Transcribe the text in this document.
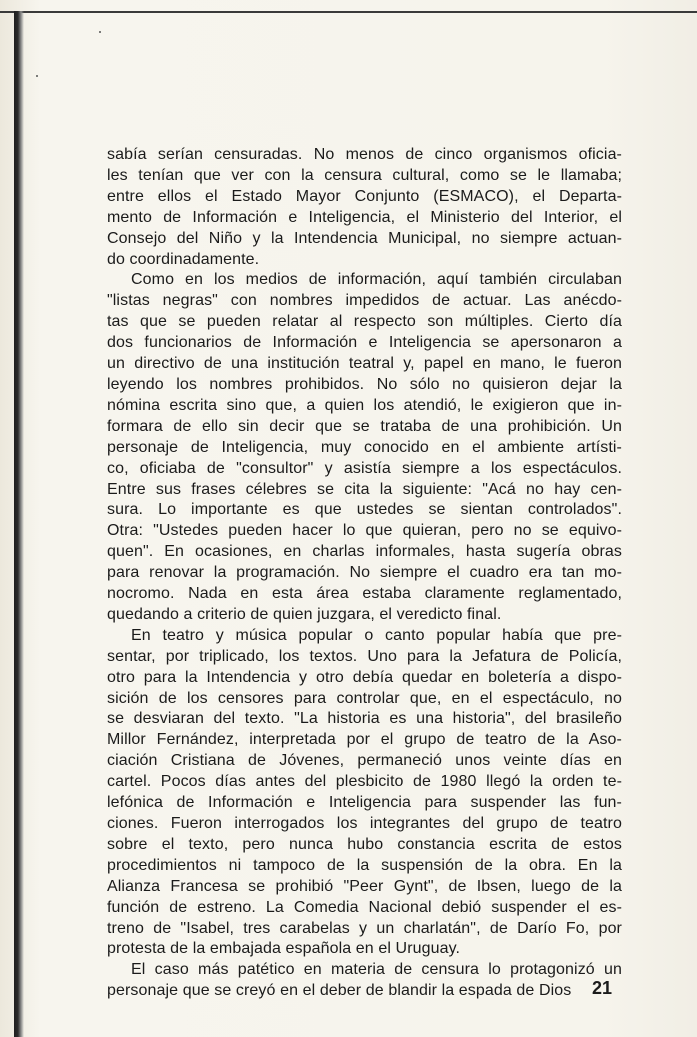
sabía serían censuradas. No menos de cinco organismos oficia-
les tenían que ver con la censura cultural, como se le llamaba;
entre ellos el Estado Mayor Conjunto (ESMACO), el Departa-
mento de Información e Inteligencia, el Ministerio del Interior, el
Consejo del Niño y la Intendencia Municipal, no siempre actuan-
do coordinadamente.
Como en los medios de información, aquí también circulaban
"listas negras" con nombres impedidos de actuar. Las anécdo-
tas que se pueden relatar al respecto son múltiples. Cierto día
dos funcionarios de Información e Inteligencia se apersonaron a
un directivo de una institución teatral y, papel en mano, le fueron
leyendo los nombres prohibidos. No sólo no quisieron dejar la
nómina escrita sino que, a quien los atendió, le exigieron que in-
formara de ello sin decir que se trataba de una prohibición. Un
personaje de Inteligencia, muy conocido en el ambiente artísti-
co, oficiaba de "consultor" y asistía siempre a los espectáculos.
Entre sus frases célebres se cita la siguiente: "Acá no hay cen-
sura. Lo importante es que ustedes se sientan controlados".
Otra: "Ustedes pueden hacer lo que quieran, pero no se equivo-
quen". En ocasiones, en charlas informales, hasta sugería obras
para renovar la programación. No siempre el cuadro era tan mo-
nocromo. Nada en esta área estaba claramente reglamentado,
quedando a criterio de quien juzgara, el veredicto final.
En teatro y música popular o canto popular había que pre-
sentar, por triplicado, los textos. Uno para la Jefatura de Policía,
otro para la Intendencia y otro debía quedar en boletería a dispo-
sición de los censores para controlar que, en el espectáculo, no
se desviaran del texto. "La historia es una historia", del brasileño
Millor Fernández, interpretada por el grupo de teatro de la Aso-
ciación Cristiana de Jóvenes, permaneció unos veinte días en
cartel. Pocos días antes del plesbicito de 1980 llegó la orden te-
lefónica de Información e Inteligencia para suspender las fun-
ciones. Fueron interrogados los integrantes del grupo de teatro
sobre el texto, pero nunca hubo constancia escrita de estos
procedimientos ni tampoco de la suspensión de la obra. En la
Alianza Francesa se prohibió "Peer Gynt", de Ibsen, luego de la
función de estreno. La Comedia Nacional debió suspender el es-
treno de "Isabel, tres carabelas y un charlatán", de Darío Fo, por
protesta de la embajada española en el Uruguay.
El caso más patético en materia de censura lo protagonizó un
personaje que se creyó en el deber de blandir la espada de Dios	21
